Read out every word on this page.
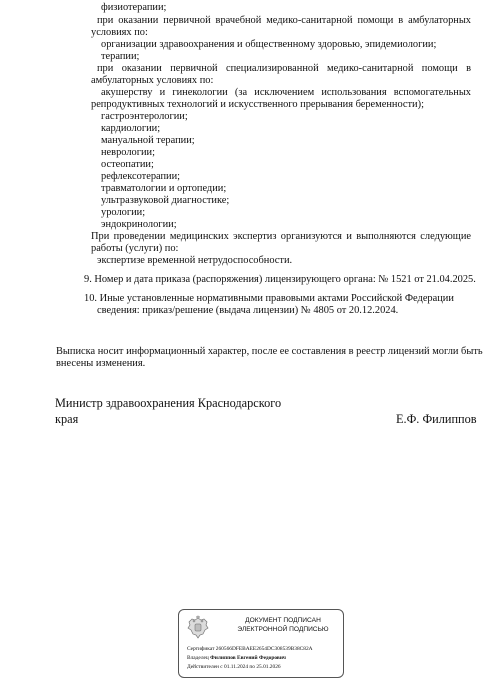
физиотерапии;
при оказании первичной врачебной медико-санитарной помощи в амбулаторных
условиях по:
организации здравоохранения и общественному здоровью, эпидемиологии;
терапии;
при оказании первичной специализированной медико-санитарной помощи в
амбулаторных условиях по:
акушерству и гинекологии (за исключением использования вспомогательных
репродуктивных технологий и искусственного прерывания беременности);
гастроэнтерологии;
кардиологии;
мануальной терапии;
неврологии;
остеопатии;
рефлексотерапии;
травматологии и ортопедии;
ультразвуковой диагностике;
урологии;
эндокринологии;
При проведении медицинских экспертиз организуются и выполняются следующие
работы (услуги) по:
экспертизе временной нетрудоспособности.
9. Номер и дата приказа (распоряжения) лицензирующего органа: № 1521 от 21.04.2025.
10. Иные установленные нормативными правовыми актами Российской Федерации
сведения: приказ/решение (выдача лицензии) № 4805 от 20.12.2024.
Выписка носит информационный характер, после ее составления в реестр лицензий могли быть
внесены изменения.
Министр здравоохранения Краснодарского
края	Е.Ф. Филиппов
ДОКУМЕНТ ПОДПИСАН
ЭЛЕКТРОННОЙ ПОДПИСЬЮ
Сертификат 260566DFEBAEE2654DC308539B38C82A
Владелец Филиппов Евгений Федорович
Действителен с 01.11.2024 по 25.01.2026
